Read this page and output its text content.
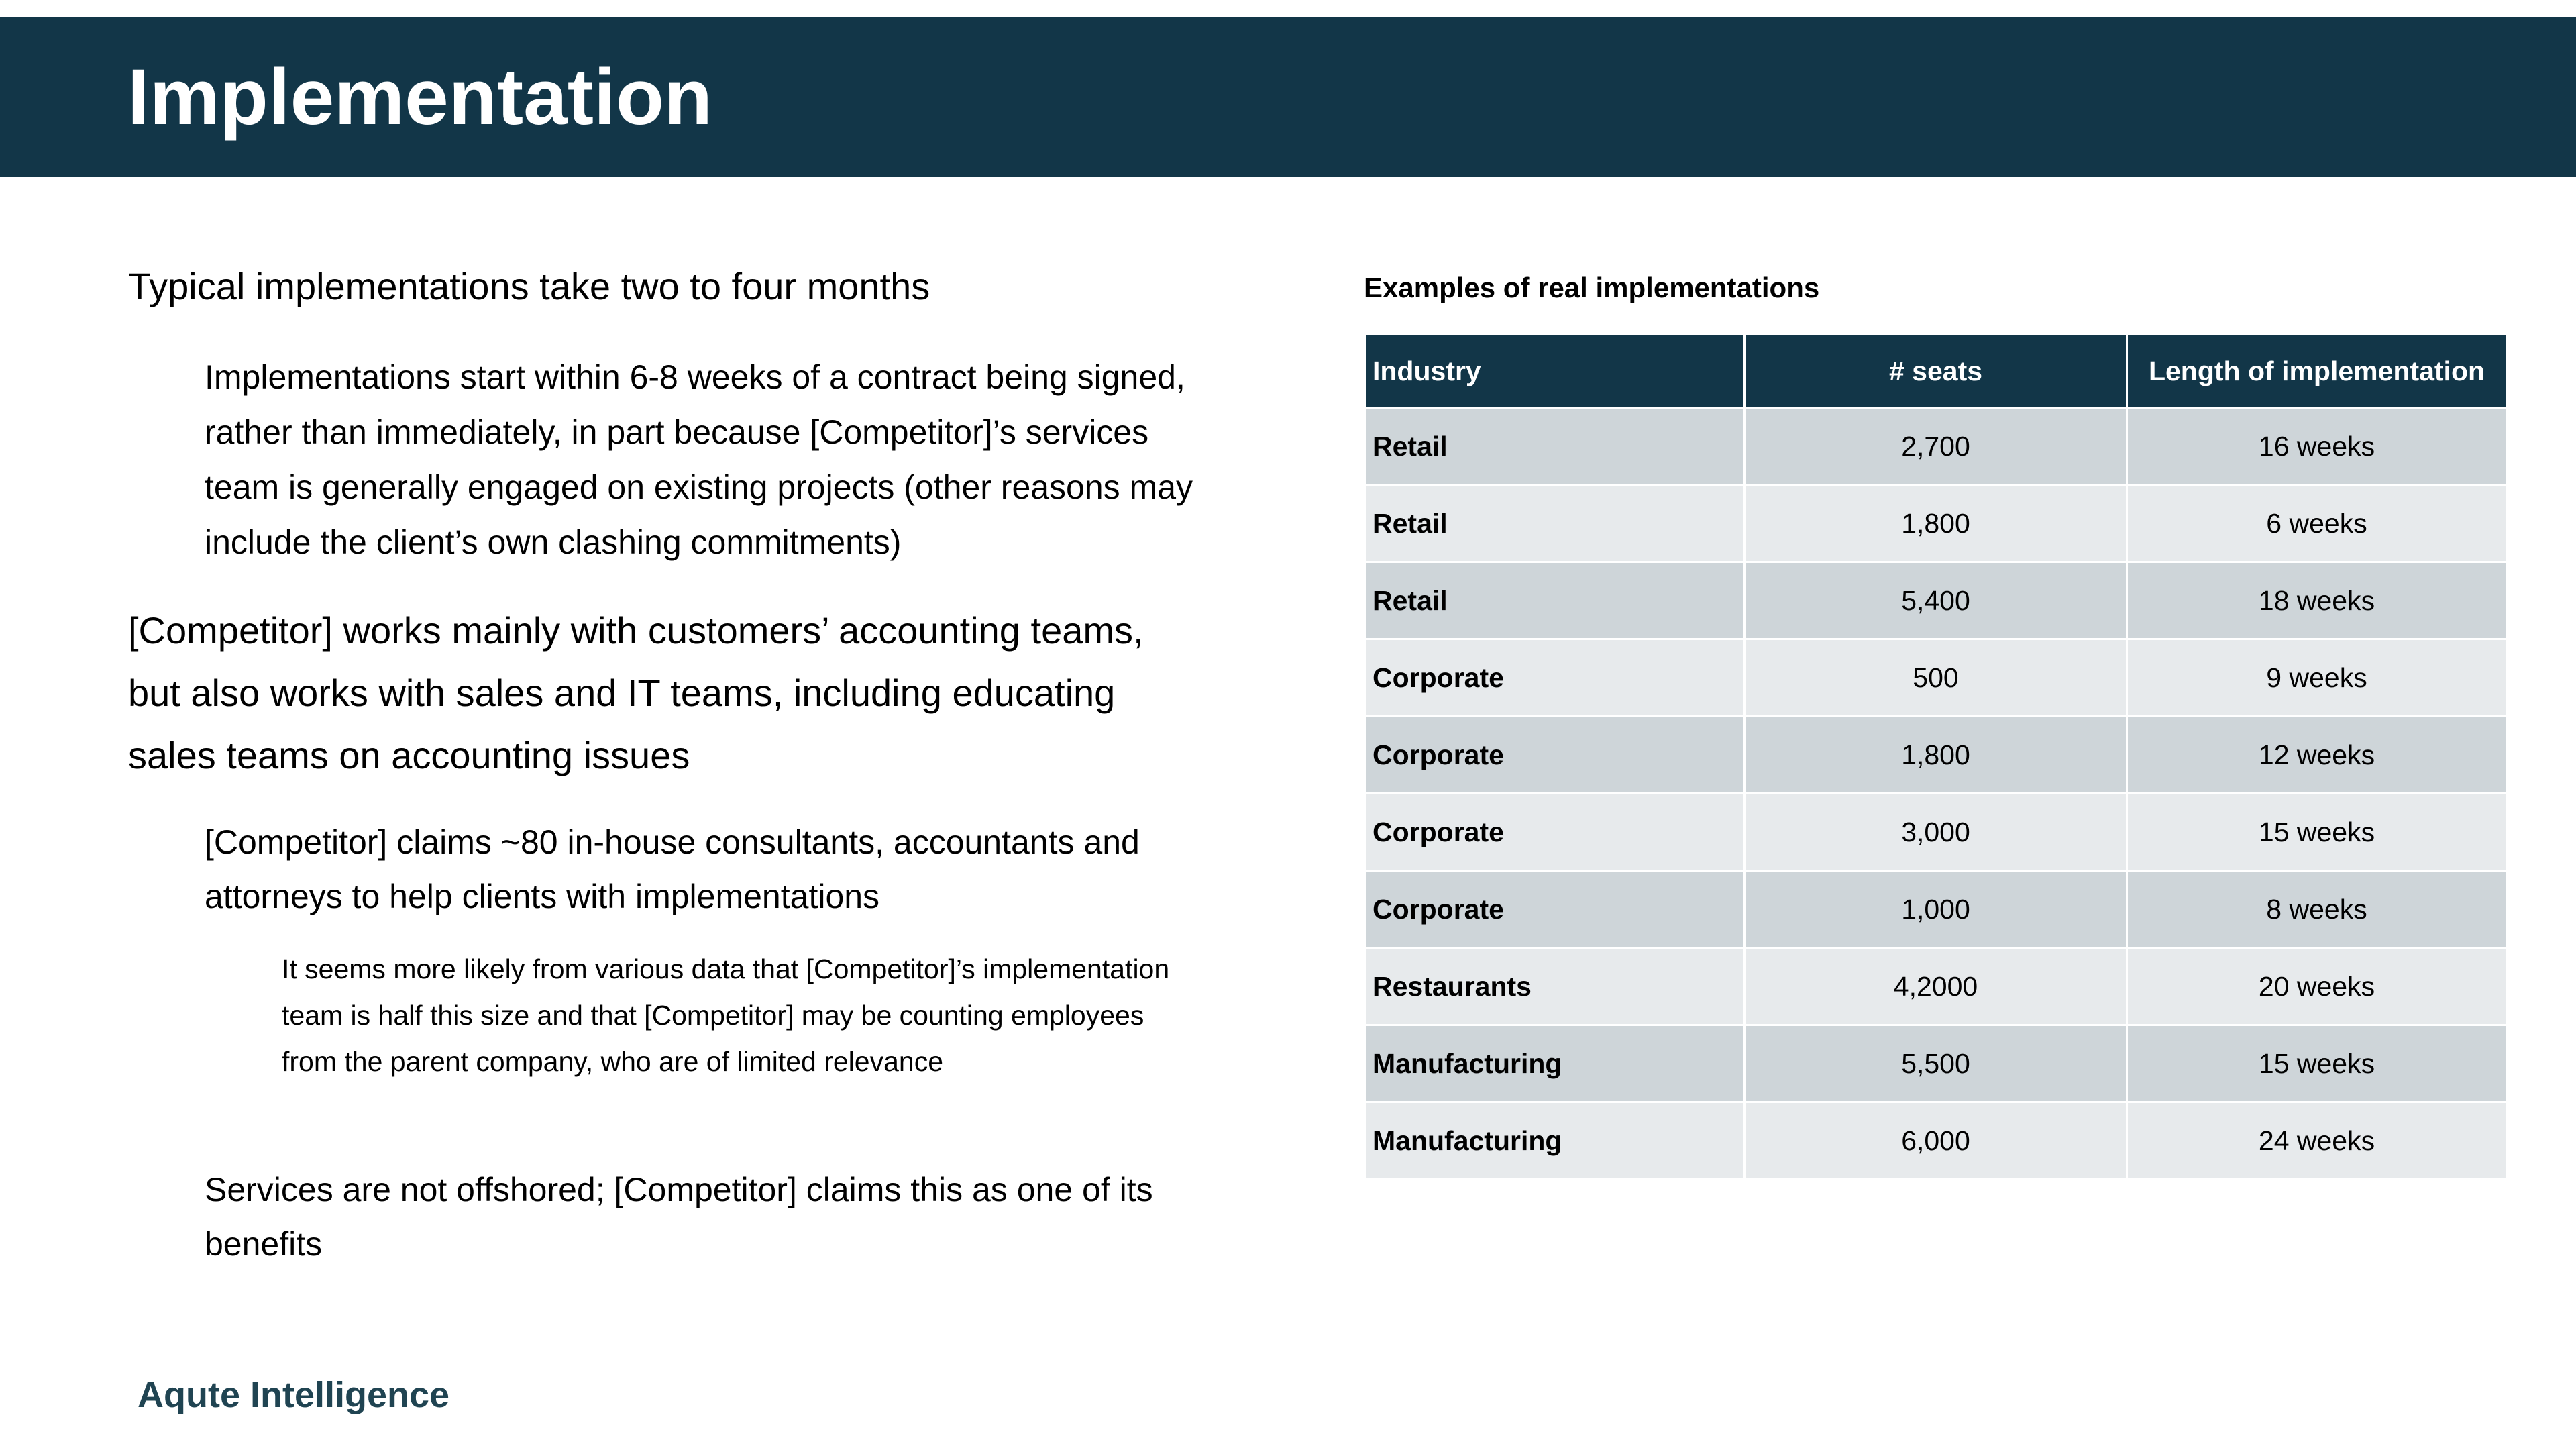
Implementation

Typical implementations take two to four months

Implementations start within 6-8 weeks of a contract being signed, rather than immediately, in part because [Competitor]’s services team is generally engaged on existing projects (other reasons may include the client’s own clashing commitments)

[Competitor] works mainly with customers’ accounting teams, but also works with sales and IT teams, including educating sales teams on accounting issues

[Competitor] claims ~80 in-house consultants, accountants and attorneys to help clients with implementations

It seems more likely from various data that [Competitor]’s implementation team is half this size and that [Competitor] may be counting employees from the parent company, who are of limited relevance

Services are not offshored; [Competitor] claims this as one of its benefits

Examples of real implementations
Industry	# seats	Length of implementation
Retail	2,700	16 weeks
Retail	1,800	6 weeks
Retail	5,400	18 weeks
Corporate	500	9 weeks
Corporate	1,800	12 weeks
Corporate	3,000	15 weeks
Corporate	1,000	8 weeks
Restaurants	4,2000	20 weeks
Manufacturing	5,500	15 weeks
Manufacturing	6,000	24 weeks
Aqute Intelligence
